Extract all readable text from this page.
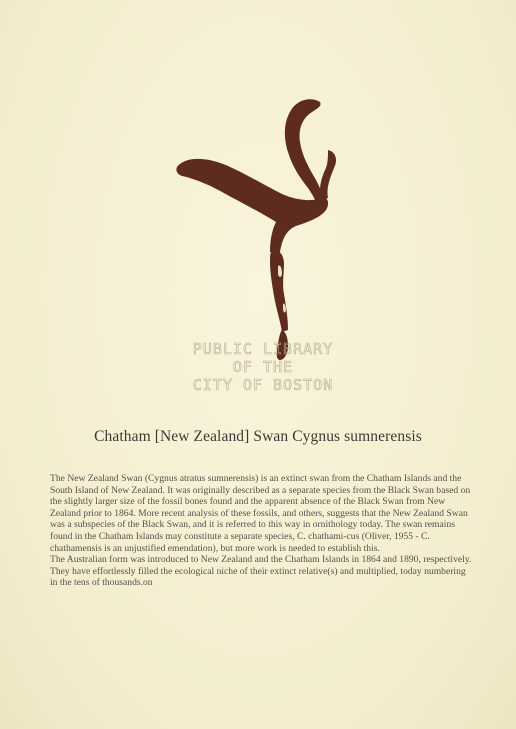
PUBLIC LIBRARY
OF THE
CITY OF BOSTON
Chatham [New Zealand] Swan Cygnus sumnerensis

The New Zealand Swan (Cygnus atratus sumnerensis) is an extinct swan from the Chatham Islands and the South Island of New Zealand. It was originally described as a separate species from the Black Swan based on the slightly larger size of the fossil bones found and the apparent absence of the Black Swan from New Zealand prior to 1864. More recent analysis of these fossils, and others, suggests that the New Zealand Swan was a subspecies of the Black Swan, and it is referred to this way in ornithology today. The swan remains found in the Chatham Islands may constitute a separate species, C. chathami-cus (Oliver, 1955 - C. chathamensis is an unjustified emendation), but more work is needed to establish this.

The Australian form was introduced to New Zealand and the Chatham Islands in 1864 and 1890, respectively. They have effortlessly filled the ecological niche of their extinct relative(s) and multiplied, today numbering in the tens of thousands.on
